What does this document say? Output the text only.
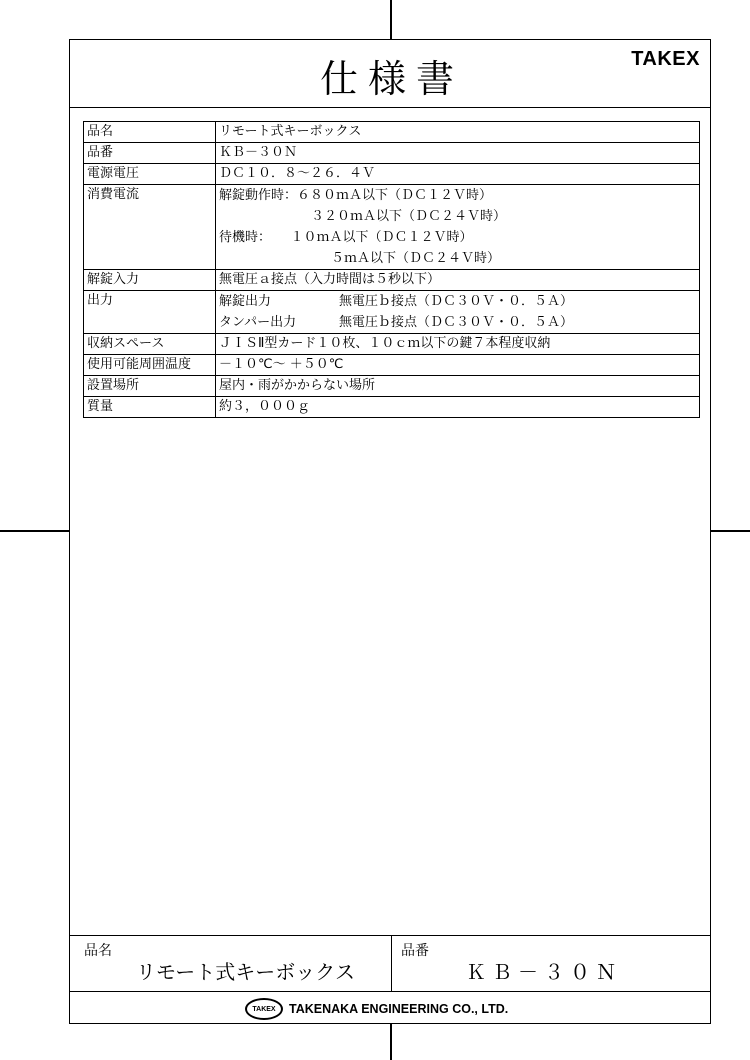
仕様書	TAKEX
品名	リモート式キーボックス
品番	ＫＢ－３０Ｎ
電源電圧	ＤＣ１０．８～２６．４Ｖ
消費電流	解錠動作時：６８０ｍＡ以下（ＤＣ１２Ｖ時）
３２０ｍＡ以下（ＤＣ２４Ｖ時）
待機時：　　１０ｍＡ以下（ＤＣ１２Ｖ時）
５ｍＡ以下（ＤＣ２４Ｖ時）

解錠入力	無電圧ａ接点（入力時間は５秒以下）
出力	解錠出力 無電圧ｂ接点（ＤＣ３０Ｖ・０．５Ａ）
タンパー出力 無電圧ｂ接点（ＤＣ３０Ｖ・０．５Ａ）

収納スペース	ＪＩＳⅡ型カード１０枚、１０ｃｍ以下の鍵７本程度収納
使用可能周囲温度	－１０℃～ ＋５０℃
設置場所	屋内・雨がかからない場所
質量	約３，０００ｇ
品名
リモート式キーボックス
品番
ＫＢ－３０Ｎ
TAKEX	TAKENAKA ENGINEERING CO., LTD.
